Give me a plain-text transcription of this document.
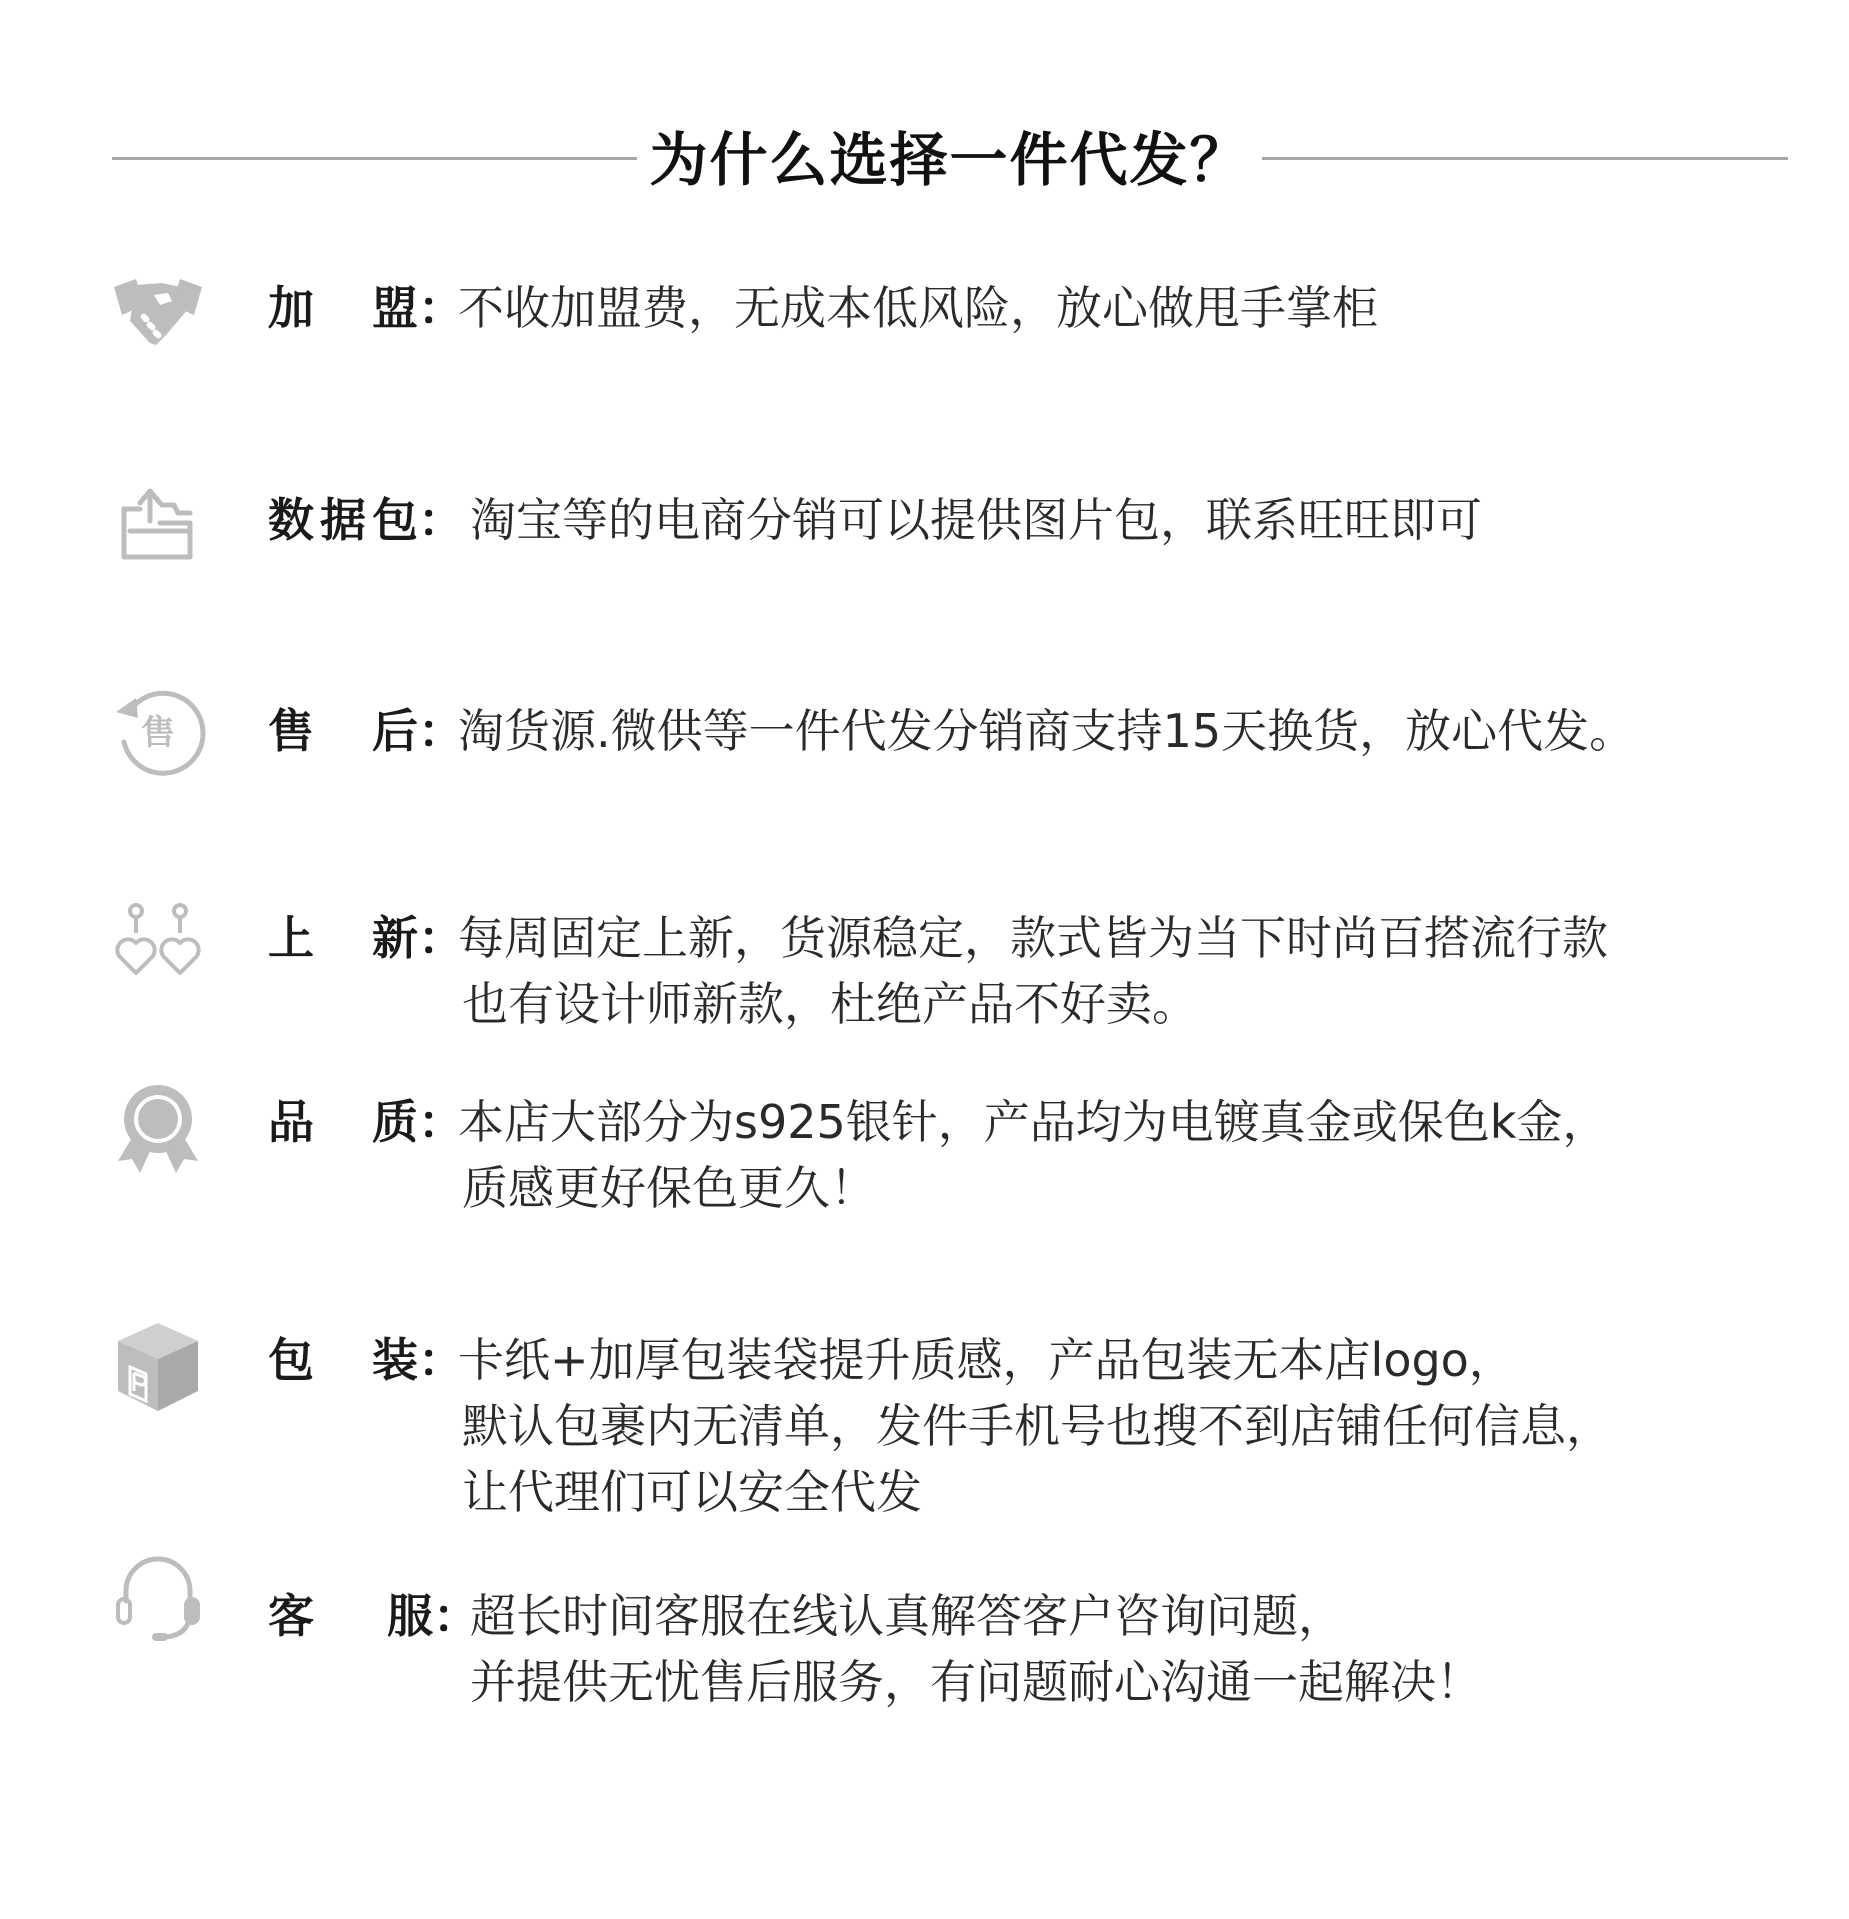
为什么选择一件代发？
加 盟 ：
不收加盟费，无成本低风险，放心做甩手掌柜
数 据 包 ： 淘宝等的电商分销可以提供图片包，联系旺旺即可
售 售 后 ：
淘货源.微供等一件代发分销商支持15天换货，放心代发。
上 新 ：
每周固定上新，货源稳定，款式皆为当下时尚百搭流行款
也有设计师新款，杜绝产品不好卖。
品 质 ：
本店大部分为s925银针，产品均为电镀真金或保色k金，
质感更好保色更久！
包 装 ：
卡纸+加厚包装袋提升质感，产品包装无本店logo，
默认包裹内无清单，发件手机号也搜不到店铺任何信息，
让代理们可以安全代发
客 服 ：
超长时间客服在线认真解答客户咨询问题，
并提供无忧售后服务，有问题耐心沟通一起解决！
